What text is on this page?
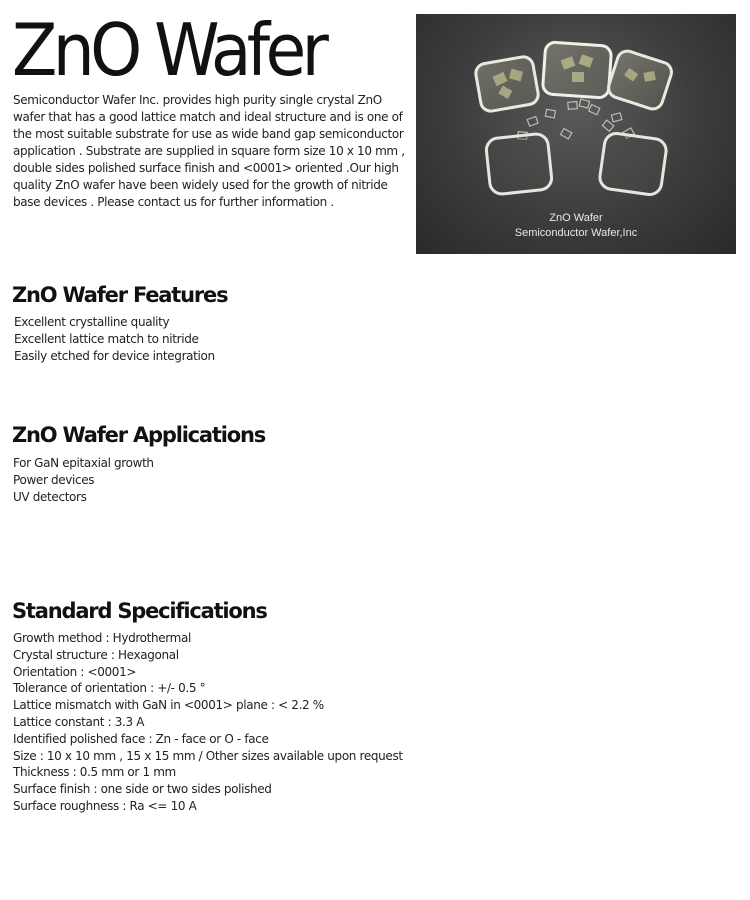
ZnO Wafer

Semiconductor Wafer Inc. provides high purity single crystal ZnO wafer that has a good lattice match and ideal structure and is one of the most suitable substrate for use as wide band gap semiconductor application . Substrate are supplied in square form size 10 x 10 mm , double sides polished surface finish and <0001> oriented .Our high quality ZnO wafer have been widely used for the growth of nitride base devices . Please contact us for further information .

ZnO Wafer
Semiconductor Wafer,Inc
ZnO Wafer Features
Excellent crystalline quality
Excellent lattice match to nitride
Easily etched for device integration
ZnO Wafer Applications
For GaN epitaxial growth
Power devices
UV detectors
Standard Specifications
Growth method : Hydrothermal
Crystal structure : Hexagonal
Orientation : <0001>
Tolerance of orientation : +/- 0.5 °
Lattice mismatch with GaN in <0001> plane : < 2.2 %
Lattice constant : 3.3 A
Identified polished face : Zn - face or O - face
Size : 10 x 10 mm , 15 x 15 mm / Other sizes available upon request
Thickness : 0.5 mm or 1 mm
Surface finish : one side or two sides polished
Surface roughness : Ra <= 10 A
